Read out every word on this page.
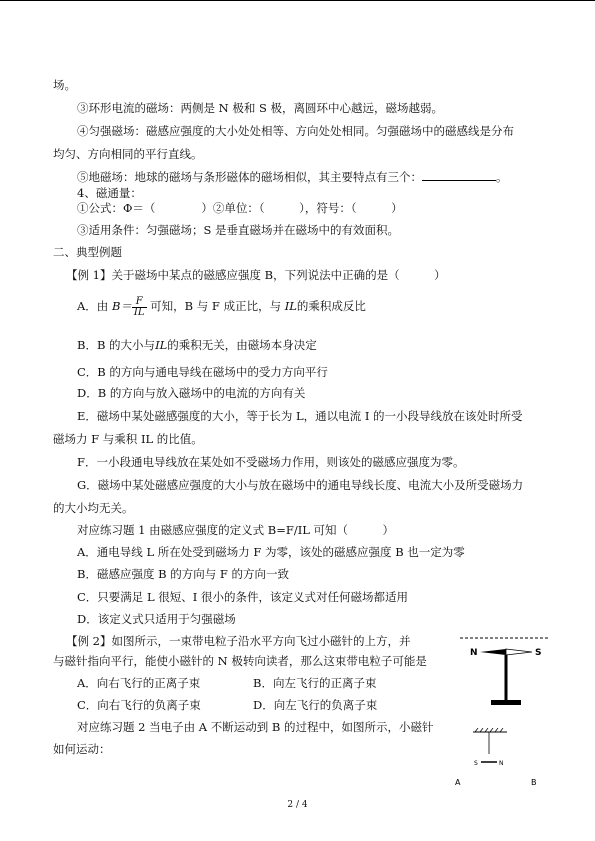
场。
③环形电流的磁场：两侧是 N 极和 S 极，离圆环中心越远，磁场越弱。
④匀强磁场：磁感应强度的大小处处相等、方向处处相同。匀强磁场中的磁感线是分布
均匀、方向相同的平行直线。
⑤地磁场：地球的磁场与条形磁体的磁场相似，其主要特点有三个：	。
4、磁通量：
①公式：Φ＝（　　　　）②单位：（　　　），符号：（　　　）
③适用条件：匀强磁场；S 是垂直磁场并在磁场中的有效面积。
二、典型例题
【例 1】关于磁场中某点的磁感应强度 B，下列说法中正确的是（　　　）
A．由 $B= \frac{F}{IL}$ 可知，B 与 F 成正比，与 IL的乘积成反比
B．B 的大小与IL的乘积无关，由磁场本身决定
C．B 的方向与通电导线在磁场中的受力方向平行
D．B 的方向与放入磁场中的电流的方向有关
E．磁场中某处磁感强度的大小，等于长为 L，通以电流 I 的一小段导线放在该处时所受
磁场力 F 与乘积 IL 的比值。
F．一小段通电导线放在某处如不受磁场力作用，则该处的磁感应强度为零。
G．磁场中某处磁感应强度的大小与放在磁场中的通电导线长度、电流大小及所受磁场力
的大小均无关。
对应练习题 1 由磁感应强度的定义式 B=F/IL 可知（　　　）
A．通电导线 L 所在处受到磁场力 F 为零，该处的磁感应强度 B 也一定为零
B．磁感应强度 B 的方向与 F 的方向一致
C．只要满足 L 很短、I 很小的条件，该定义式对任何磁场都适用
D．该定义式只适用于匀强磁场
【例 2】如图所示，一束带电粒子沿水平方向飞过小磁针的上方，并
与磁针指向平行，能使小磁针的 N 极转向读者，那么这束带电粒子可能是
A．向右飞行的正离子束	B．向左飞行的正离子束
C．向右飞行的负离子束	D．向左飞行的负离子束
对应练习题 2 当电子由 A 不断运动到 B 的过程中，如图所示，小磁针
如何运动：
N	S
S	N
A	B
2 / 4
